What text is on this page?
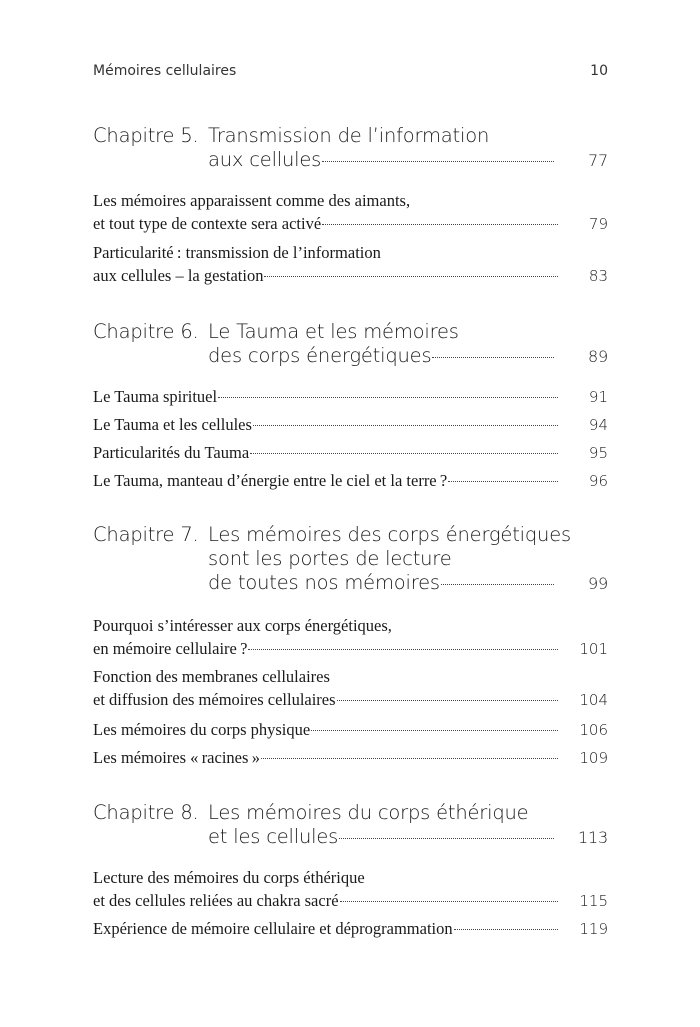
Mémoires cellulaires	10
Chapitre 5. Transmission de l’information
aux cellules	77
Les mémoires apparaissent comme des aimants,
et tout type de contexte sera activé	79
Particularité : transmission de l’information
aux cellules – la gestation	83
Chapitre 6. Le Tauma et les mémoires
des corps énergétiques	89
Le Tauma spirituel	91
Le Tauma et les cellules	94
Particularités du Tauma	95
Le Tauma, manteau d’énergie entre le ciel et la terre ?	96
Chapitre 7. Les mémoires des corps énergétiques
sont les portes de lecture
de toutes nos mémoires	99
Pourquoi s’intéresser aux corps énergétiques,
en mémoire cellulaire ?	101
Fonction des membranes cellulaires
et diffusion des mémoires cellulaires	104
Les mémoires du corps physique	106
Les mémoires « racines »	109
Chapitre 8. Les mémoires du corps éthérique
et les cellules	113
Lecture des mémoires du corps éthérique
et des cellules reliées au chakra sacré	115
Expérience de mémoire cellulaire et déprogrammation	119
